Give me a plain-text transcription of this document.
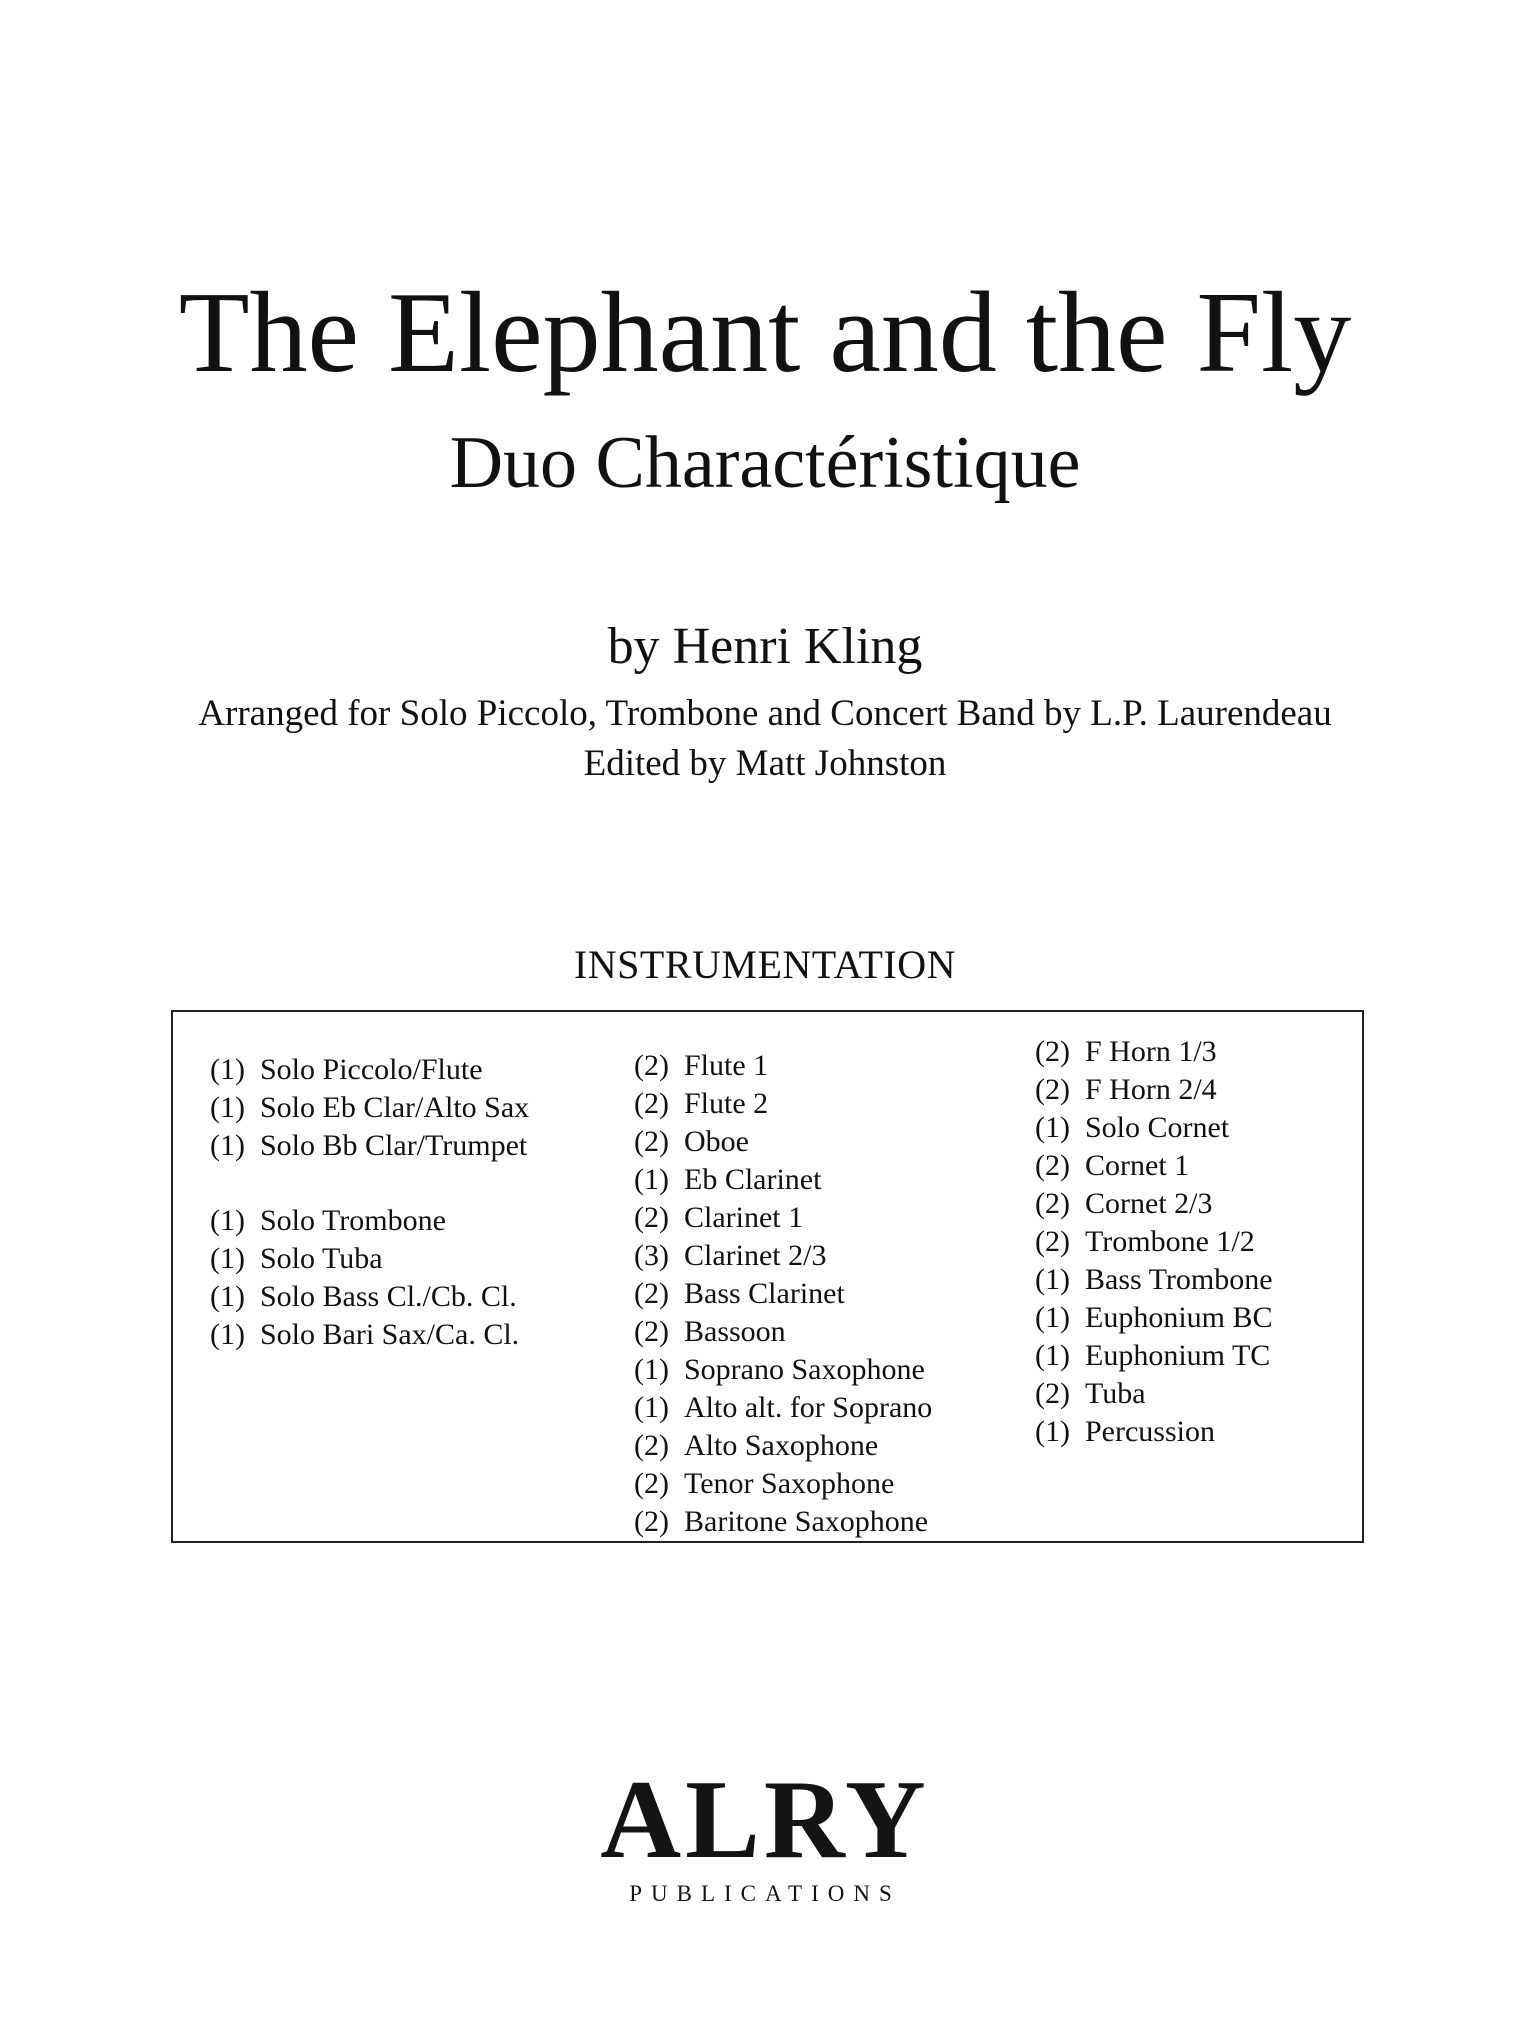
The Elephant and the Fly
Duo Charactéristique
by Henri Kling
Arranged for Solo Piccolo, Trombone and Concert Band by L.P. Laurendeau
Edited by Matt Johnston
INSTRUMENTATION
(1) Solo Piccolo/Flute
(1) Solo Eb Clar/Alto Sax
(1) Solo Bb Clar/Trumpet
(1) Solo Trombone
(1) Solo Tuba
(1) Solo Bass Cl./Cb. Cl.
(1) Solo Bari Sax/Ca. Cl.
(2) Flute 1
(2) Flute 2
(2) Oboe
(1) Eb Clarinet
(2) Clarinet 1
(3) Clarinet 2/3
(2) Bass Clarinet
(2) Bassoon
(1) Soprano Saxophone
(1) Alto alt. for Soprano
(2) Alto Saxophone
(2) Tenor Saxophone
(2) Baritone Saxophone
(2) F Horn 1/3
(2) F Horn 2/4
(1) Solo Cornet
(2) Cornet 1
(2) Cornet 2/3
(2) Trombone 1/2
(1) Bass Trombone
(1) Euphonium BC
(1) Euphonium TC
(2) Tuba
(1) Percussion
ALRY
PUBLICATIONS
